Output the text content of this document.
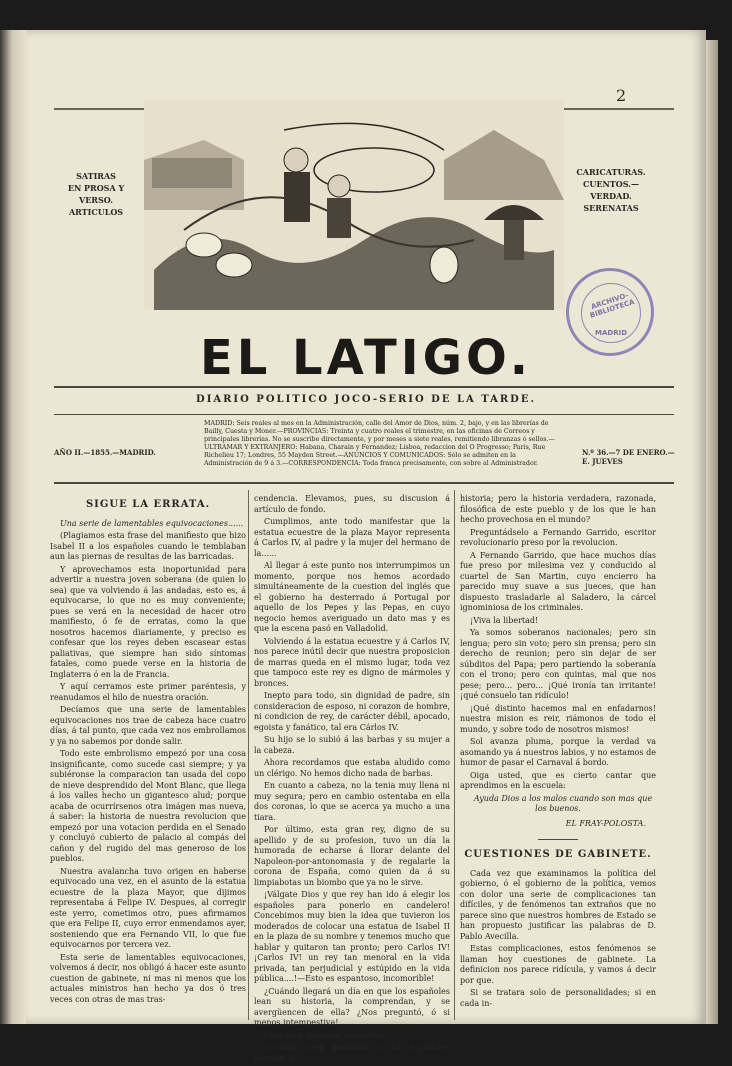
2
SATIRAS
EN PROSA Y VERSO.
ARTICULOS
CARICATURAS.
CUENTOS.—VERDAD.
SERENATAS
EL LATIGO.
DIARIO POLITICO JOCO-SERIO DE LA TARDE.
AÑO II.—1855.—MADRID.
MADRID: Seis reales al mes en la Administración, calle del Amor de Dios, núm. 2, bajo, y en las librerías de Bailly, Cuesta y Moner.—PROVINCIAS: Treinta y cuatro reales el trimestre, en las oficinas de Correos y principales librerías. No se suscribe directamente, y por meses a siete reales, remitiendo libranzas ó sellos.—ULTRAMAR Y EXTRANJERO: Habana, Charain y Fernandez; Lisboa, redaccion del O Progresso; París, Rue Richelieu 17; Londres, 55 Mayden Street.—ANUNCIOS Y COMUNICADOS: Sólo se admiten en la Administración de 9 á 3.—CORRESPONDENCIA: Toda franca precisamente, con sobre al Administrador.
N.º 36.—7 DE ENERO.—E. JUEVES
ARCHIVO-BIBLIOTECA
MADRID
SIGUE LA ERRATA.

Una serie de lamentables equivocaciones......

(Plagiamos esta frase del manifiesto que hizo Isabel II a los españoles cuando le temblaban aun las piernas de resultas de las barricadas.

Y aprovechamos esta inoportunidad para advertir a nuestra joven soberana (de quien lo sea) que va volviendo á las andadas, esto es, á equivocarse, lo que no es muy conveniente; pues se verá en la necesidad de hacer otro manifiesto, ó fe de erratas, como la que nosotros hacemos diariamente, y preciso es confesar que los reyes deben escasear estas paliativas, que siempre han sido síntomas fatales, como puede verse en la historia de Inglaterra ó en la de Francia.

Y aquí cerramos este primer paréntesis, y reanudamos el hilo de nuestra oración.

Decíamos que una serie de lamentables equivocaciones nos trae de cabeza hace cuatro días, á tal punto, que cada vez nos embrollamos y ya no sabemos por donde salir.

Todo este embrolismo empezó por una cosa insignificante, como sucede casi siempre; y ya subiéronse la comparacion tan usada del copo de nieve desprendido del Mont Blanc, que llega á los valles hecho un gigantesco alud; porque acaba de ocurrírsenos otra imágen mas nueva, á saber: la historia de nuestra revolucion que empezó por una votacion perdida en el Senado y concluyó cubierto de palacio al compás del cañon y del rugido del mas generoso de los pueblos.

Nuestra avalancha tuvo origen en haberse equivocado una vez, en el asunto de la estatua ecuestre de la plaza Mayor, que dijimos representaba á Felipe IV. Despues, al corregir este yerro, cometimos otro, pues afirmamos que era Felipe II, cuyo error enmendamos ayer, sosteniendo que era Fernando VII, lo que fue equivocarnos por tercera vez.

Esta serie de lamentables equivocaciones, volvemos á decir, nos obligó á hacer este asunto cuestion de gabinete, ni mas ni menos que los actuales ministros han hecho ya dos ó tres veces con otras de mas tras-

cendencia. Elevamos, pues, su discusion á artículo de fondo.

Cumplimos, ante todo manifestar que la estatua ecuestre de la plaza Mayor representa á Carlos IV, al padre y la mujer del hermano de la......

Al llegar á este punto nos interrumpimos un momento, porque nos hemos acordado simultáneamente de la cuestion del inglés que el gobierno ha desterrado á Portugal por aquello de los Pepes y las Pepas, en cuyo negocio hemos averiguado un dato mas y es que la escena pasó en Valladolid.

Volviendo á la estatua ecuestre y á Carlos IV, nos parece inútil decir que nuestra proposicion de marras queda en el mismo lugar, toda vez que tampoco este rey es digno de mármoles y bronces.

Inepto para todo, sin dignidad de padre, sin consideracion de esposo, ni corazon de hombre, ni condicion de rey, de carácter débil, apocado, egoista y fanático, tal era Cárlos IV.

Su hijo se lo subió á las barbas y su mujer a la cabeza.

Ahora recordamos que estaba aludido como un clérigo. No hemos dicho nada de barbas.

En cuanto a cabeza, no la tenia muy llena ni muy segura; pero en cambio ostentaba en ella dos coronas, lo que se acerca ya mucho a una tiara.

Por último, esta gran rey, digno de su apellido y de su profesion, tuvo un día la humorada de echarse á llorar delante del Napoleon-por-antonomasia y de regalarle la corona de España, como quien da á su limpiabotas un biombo que ya no le sirve.

¡Válgate Dios y que rey han ido á elegir los españoles para ponerlo en candelero! Concebimos muy bien la idea que tuvieron los moderados de colocar una estatua de Isabel II en la plaza de su nombre y tenemos mucho que hablar y quitaron tan pronto; pero Carlos IV! ¡Carlos IV! un rey tan menoral en la vida privada, tan perjudicial y estúpido en la vida pública....!—Esto es espantoso, incomorible!

¿Cuándo llegará un día en que los españoles lean su historia, la comprendan, y se avergüencen de ella? ¿Nos preguntó, ó si menos intempestiva!

Otra cosa debemos preguntar.

¿Cuándo será permitido a los españoles escribir la

historia; pero la historia verdadera, razonada, filosófica de este pueblo y de los que le han hecho provechosa en el mundo?

Preguntádselo a Fernando Garrido, escritor revolucionario preso por la revolucion.

A Fernando Garrido, que hace muchos días fue preso por milesima vez y conducido al cuartel de San Martin, cuyo encierro ha parecido muy suave a sus jueces, que han dispuesto trasladarle al Saladero, la cárcel ignominiosa de los criminales.

¡Viva la libertad!

Ya somos soberanos nacionales; pero sin lengua; pero sin voto; pero sin prensa; pero sin derecho de reunion; pero sin dejar de ser súbditos del Papa; pero partiendo la soberanía con el trono; pero con quintas, mal que nos pese; pero... pero... ¡Qué ironía tan irritante! ¡qué consuelo tan ridículo!

¡Qué distinto hacemos mal en enfadarnos! nuestra mision es reir, riámonos de todo el mundo, y sobre todo de nosotros mismos!

Sol avanza pluma, porque la verdad va asomando ya á nuestros labios, y no estamos de humor de pasar el Carnaval á bordo.

Oiga usted, que es cierto cantar que aprendimos en la escuela:

Ayuda Dios a los malos cuando son mas que los buenos.

EL FRAY-POLOSTA.
CUESTIONES DE GABINETE.

Cada vez que examinamos la política del gobierno, ó el gobierno de la política, vemos con dolor una serie de complicaciones tan difíciles, y de fenómenos tan extraños que no parece sino que nuestros hombres de Estado se han propuesto justificar las palabras de D. Pablo Avecilla.

Estas complicaciones, estos fenómenos se llaman hoy cuestiones de gabinete. La definicion nos parece ridícula, y vamos á decir por que.

Si se tratara solo de personalidades; si en cada in-
